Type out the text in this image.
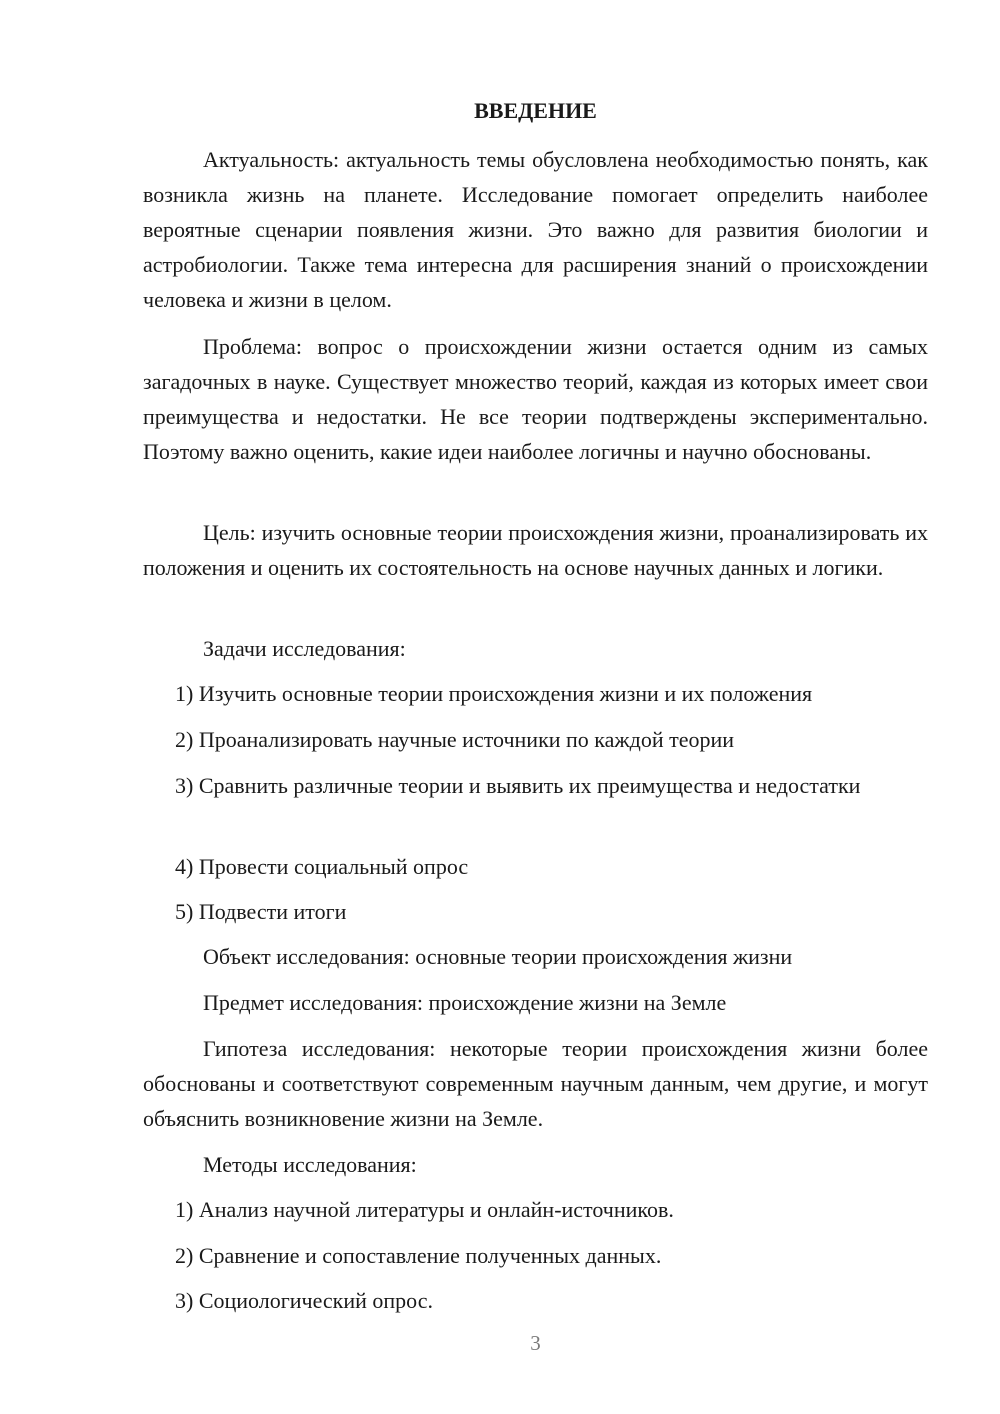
ВВЕДЕНИЕ

Актуальность: актуальность темы обусловлена необходимостью понять, как возникла жизнь на планете. Исследование помогает определить наиболее вероятные сценарии появления жизни. Это важно для развития биологии и астробиологии. Также тема интересна для расширения знаний о происхождении человека и жизни в целом.

Проблема: вопрос о происхождении жизни остается одним из самых загадочных в науке. Существует множество теорий, каждая из которых имеет свои преимущества и недостатки. Не все теории подтверждены экспериментально. Поэтому важно оценить, какие идеи наиболее логичны и научно обоснованы.

Цель: изучить основные теории происхождения жизни, проанализировать их положения и оценить их состоятельность на основе научных данных и логики.

Задачи исследования:

1) Изучить основные теории происхождения жизни и их положения

2) Проанализировать научные источники по каждой теории

3) Сравнить различные теории и выявить их преимущества и недостатки

4) Провести социальный опрос

5) Подвести итоги

Объект исследования: основные теории происхождения жизни

Предмет исследования: происхождение жизни на Земле

Гипотеза исследования: некоторые теории происхождения жизни более обоснованы и соответствуют современным научным данным, чем другие, и могут объяснить возникновение жизни на Земле.

Методы исследования:

1) Анализ научной литературы и онлайн-источников.

2) Сравнение и сопоставление полученных данных.

3) Социологический опрос.

3
